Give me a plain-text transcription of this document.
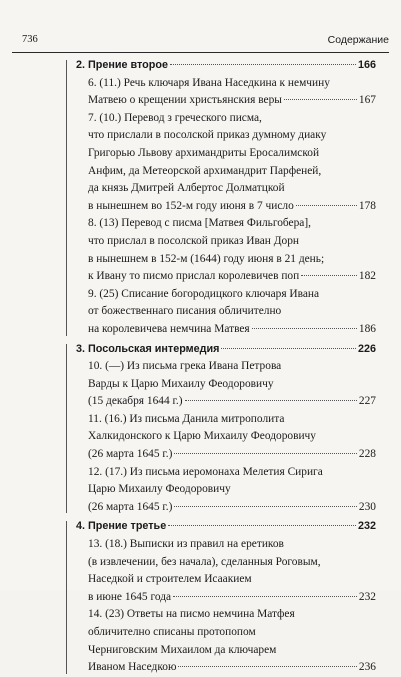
736	Содержание
2. Прение второе	166
6. (11.) Речь ключаря Ивана Наседкина к немчину
Матвею о крещении христьянския веры	167
7. (10.) Перевод з греческого писма,
что прислали в посолской приказ думному диаку
Григорью Львову архимандриты Еросалимской
Анфим, да Метеорской архимандрит Парфеней,
да князь Дмитрей Албертос Долматцкой
в нынешнем во 152-м году июня в 7 число	178
8. (13) Перевод с писма [Матвея Фильгобера],
что прислал в посолской приказ Иван Дорн
в нынешнем в 152-м (1644) году июня в 21 день;
к Ивану то писмо прислал королевичев поп	182
9. (25) Списание богородицкого ключаря Ивана
от божественнаго писания обличително
на королевичева немчина Матвея	186
3. Посольская интермедия	226
10. (—) Из письма грека Ивана Петрова
Варды к Царю Михаилу Феодоровичу
(15 декабря 1644 г.)	227
11. (16.) Из письма Данила митрополита
Халкидонского к Царю Михаилу Феодоровичу
(26 марта 1645 г.)	228
12. (17.) Из письма иеромонаха Мелетия Сирига
Царю Михаилу Феодоровичу
(26 марта 1645 г.)	230
4. Прение третье	232
13. (18.) Выписки из правил на еретиков
(в извлечении, без начала), сделанныя Роговым,
Наседкой и строителем Исаакием
в июне 1645 года	232
14. (23) Ответы на писмо немчина Матфея
обличително списаны протопопом
Черниговским Михаилом да ключарем
Иваном Наседкою	236
